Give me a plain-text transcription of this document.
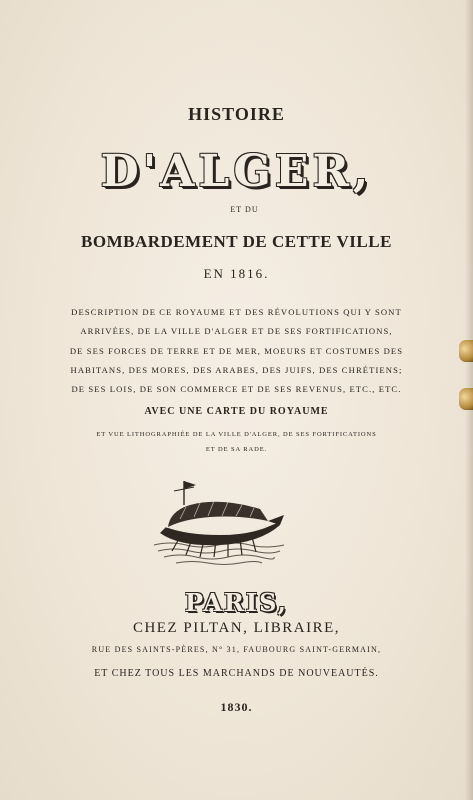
HISTOIRE
D'ALGER,
ET DU
BOMBARDEMENT DE CETTE VILLE
EN 1816.
DESCRIPTION DE CE ROYAUME ET DES RÉVOLUTIONS QUI Y SONT
ARRIVÉES, DE LA VILLE D'ALGER ET DE SES FORTIFICATIONS,
DE SES FORCES DE TERRE ET DE MER, MOEURS ET COSTUMES DES
HABITANS, DES MORES, DES ARABES, DES JUIFS, DES CHRÉTIENS;
DE SES LOIS, DE SON COMMERCE ET DE SES REVENUS, ETC., ETC.
AVEC UNE CARTE DU ROYAUME
ET VUE LITHOGRAPHIÉE DE LA VILLE D'ALGER, DE SES FORTIFICATIONS
ET DE SA RADE.
PARIS,
CHEZ PILTAN, LIBRAIRE,
RUE DES SAINTS-PÈRES, N° 31, FAUBOURG SAINT-GERMAIN,
ET CHEZ TOUS LES MARCHANDS DE NOUVEAUTÉS.
1830.
